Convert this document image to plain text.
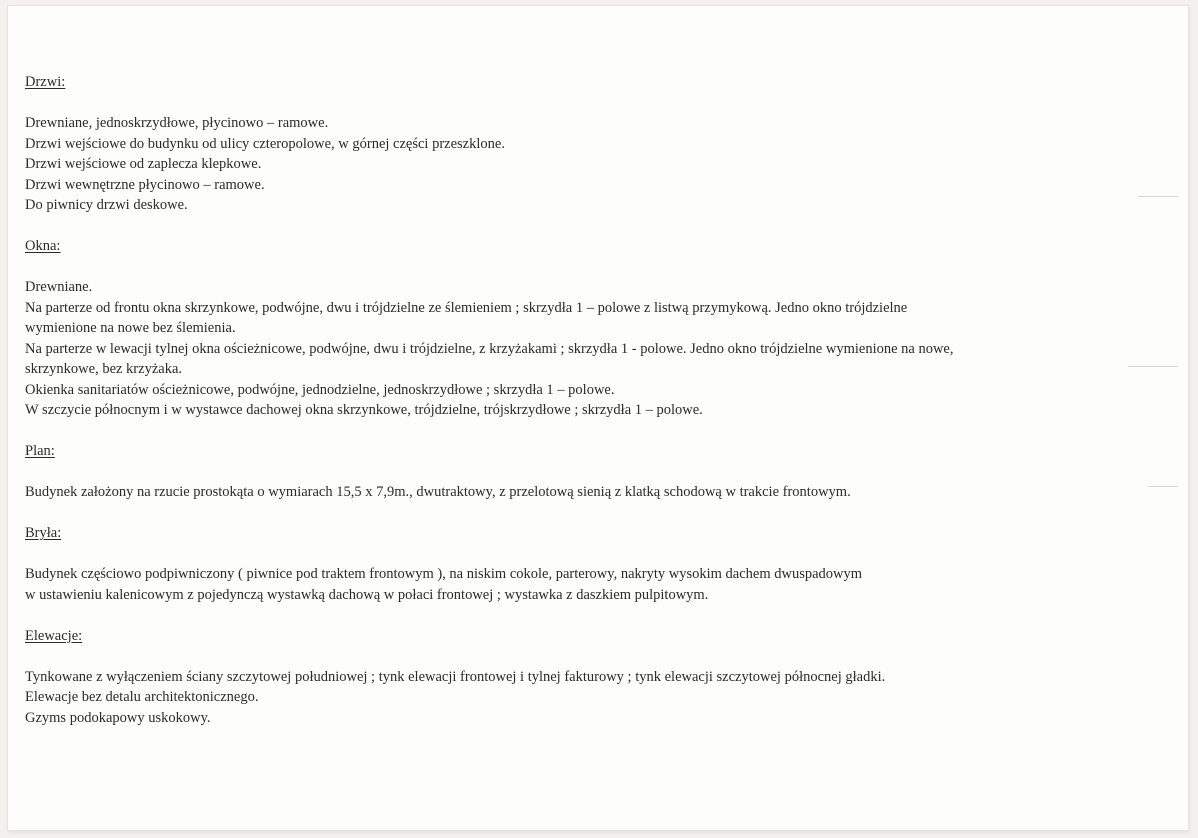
Drzwi:
Drewniane, jednoskrzydłowe, płycinowo – ramowe.
Drzwi wejściowe do budynku od ulicy czteropolowe, w górnej części przeszklone.
Drzwi wejściowe od zaplecza klepkowe.
Drzwi wewnętrzne płycinowo – ramowe.
Do piwnicy drzwi deskowe.
Okna:
Drewniane.
Na parterze od frontu okna skrzynkowe, podwójne, dwu i trójdzielne ze ślemieniem ; skrzydła 1 – polowe z listwą przymykową. Jedno okno trójdzielne
wymienione na nowe bez ślemienia.
Na parterze w lewacji tylnej okna ościeżnicowe, podwójne, dwu i trójdzielne, z krzyżakami ; skrzydła 1 - polowe. Jedno okno trójdzielne wymienione na nowe,
skrzynkowe, bez krzyżaka.
Okienka sanitariatów ościeżnicowe, podwójne, jednodzielne, jednoskrzydłowe ; skrzydła 1 – polowe.
W szczycie północnym i w wystawce dachowej okna skrzynkowe, trójdzielne, trójskrzydłowe ; skrzydła 1 – polowe.
Plan:
Budynek założony na rzucie prostokąta o wymiarach 15,5 x 7,9m., dwutraktowy, z przelotową sienią z klatką schodową w trakcie frontowym.
Bryła:
Budynek częściowo podpiwniczony ( piwnice pod traktem frontowym ), na niskim cokole, parterowy, nakryty wysokim dachem dwuspadowym
w ustawieniu kalenicowym z pojedynczą wystawką dachową w połaci frontowej ; wystawka z daszkiem pulpitowym.
Elewacje:
Tynkowane z wyłączeniem ściany szczytowej południowej ; tynk elewacji frontowej i tylnej fakturowy ; tynk elewacji szczytowej północnej gładki.
Elewacje bez detalu architektonicznego.
Gzyms podokapowy uskokowy.
